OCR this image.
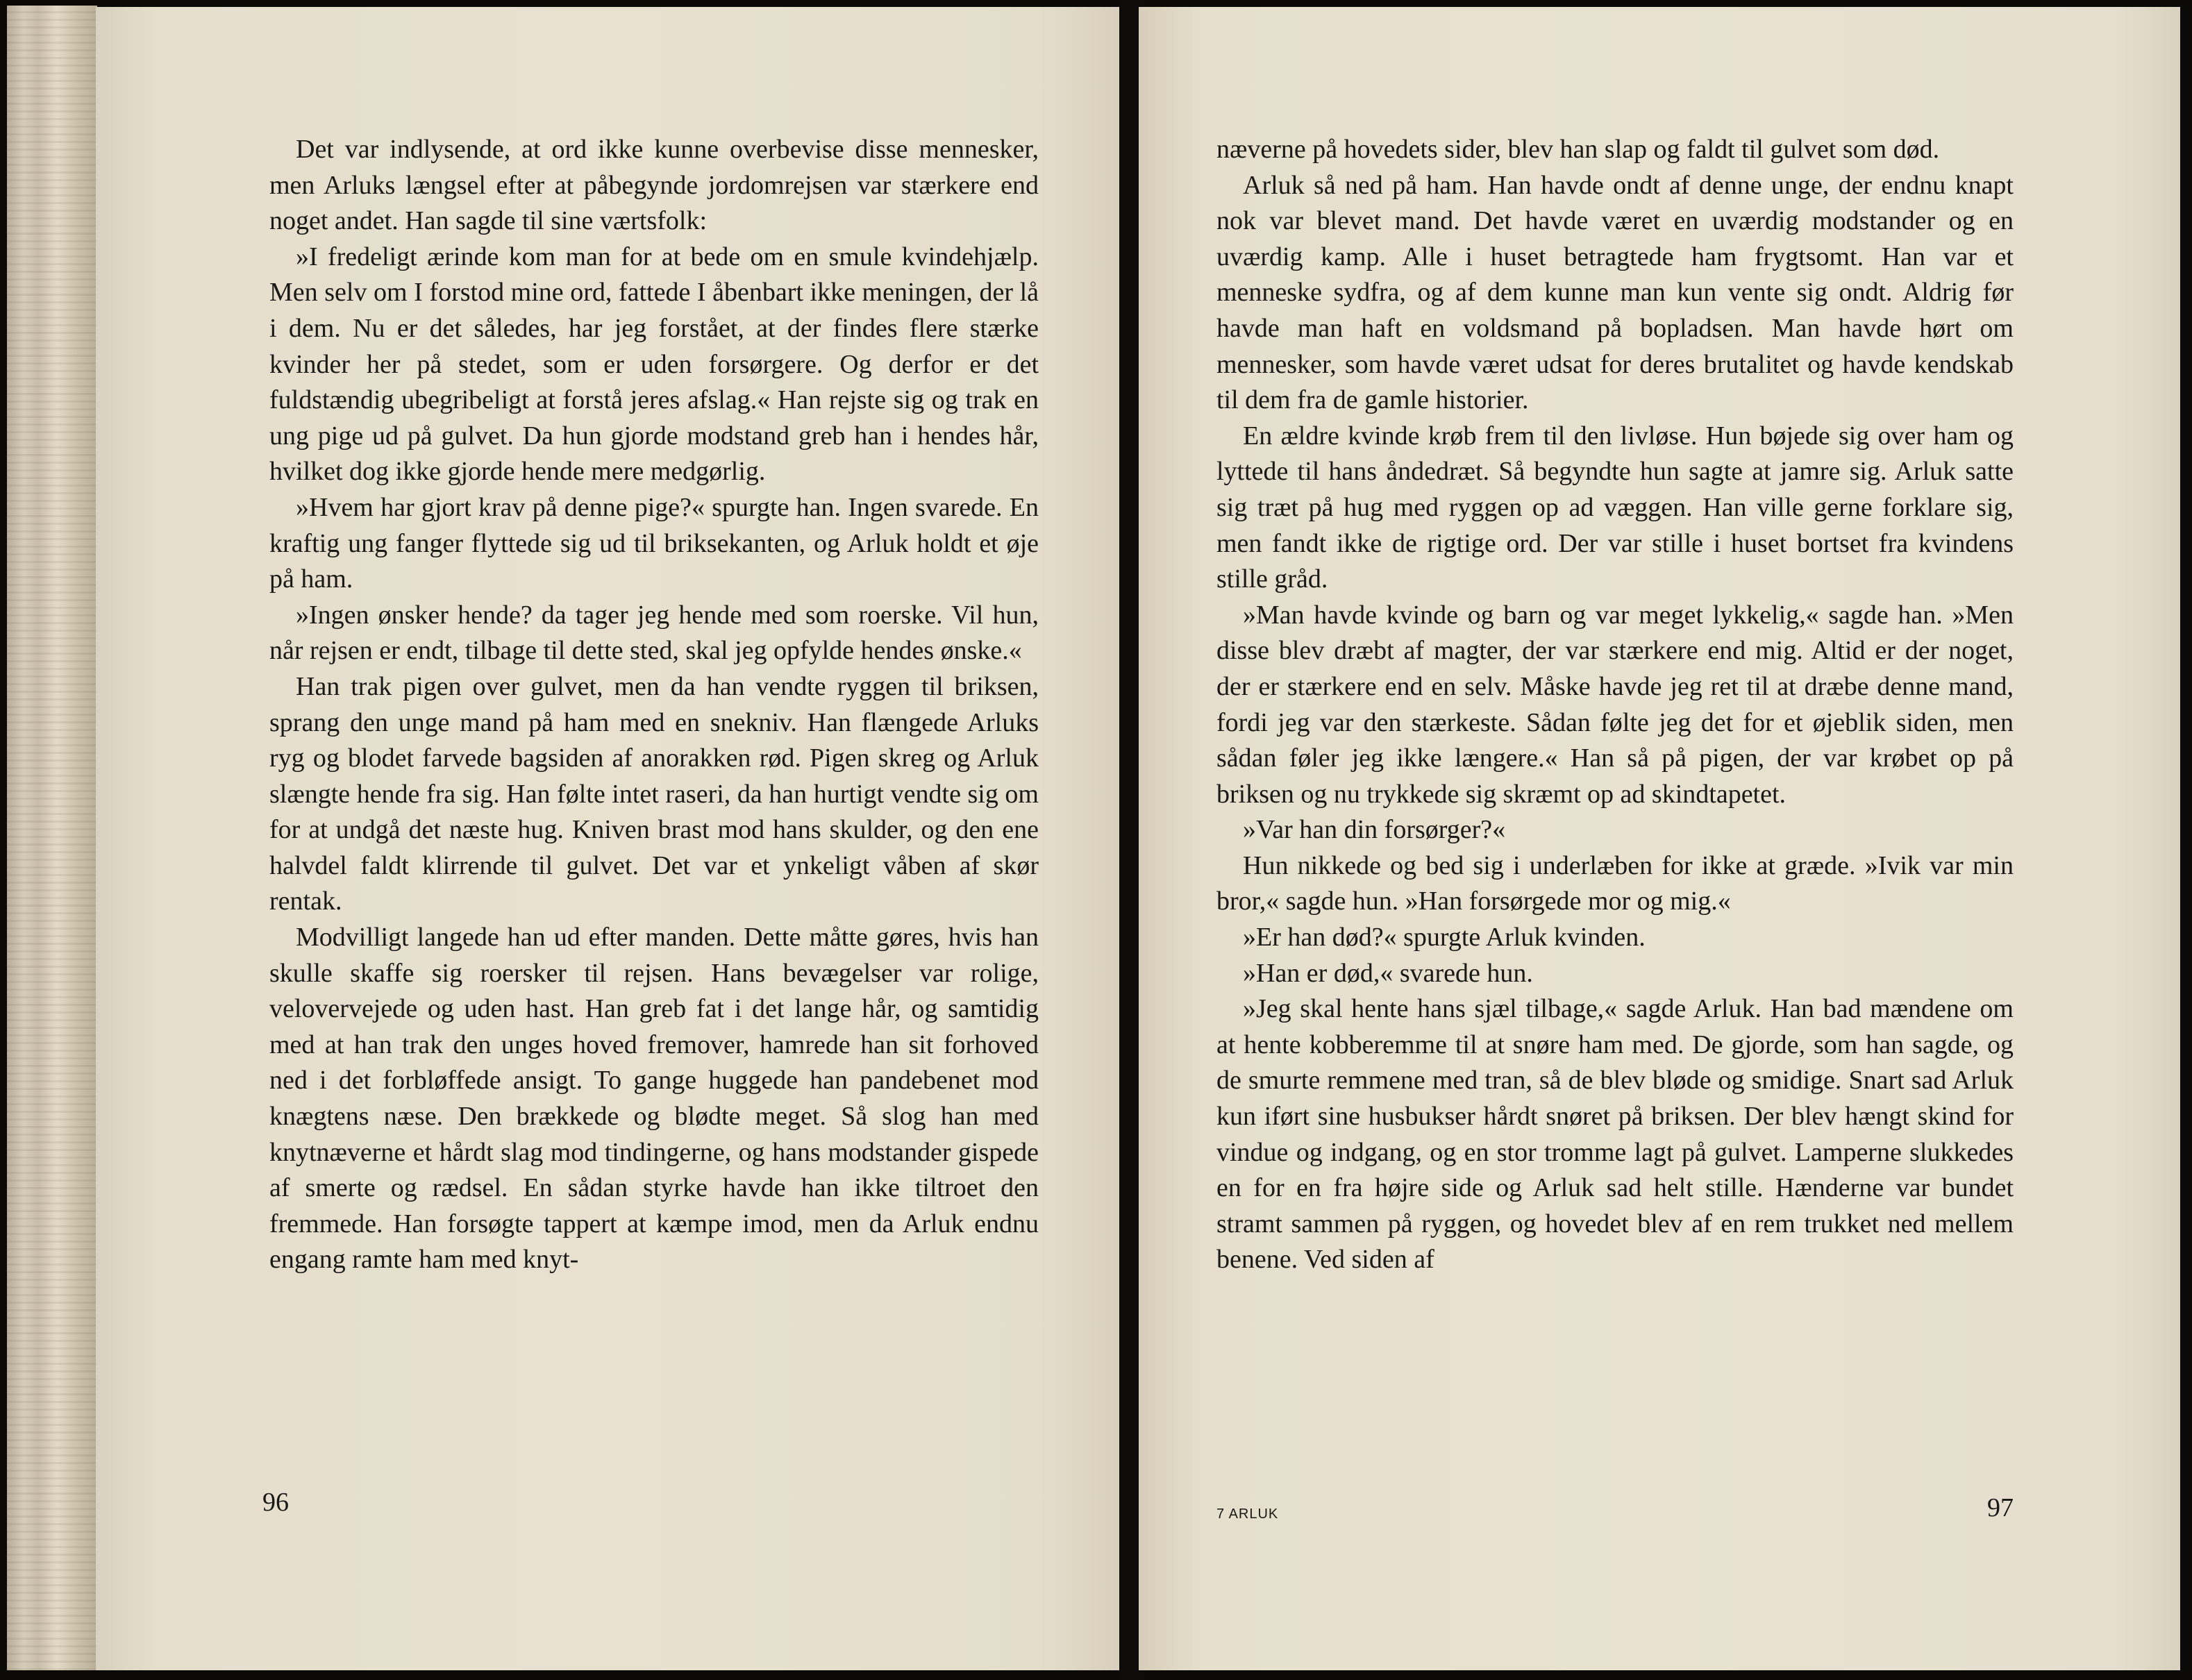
Det var indlysende, at ord ikke kunne overbevise disse mennesker, men Arluks længsel efter at påbegynde jordomrejsen var stærkere end noget andet. Han sagde til sine værtsfolk:

»I fredeligt ærinde kom man for at bede om en smule kvindehjælp. Men selv om I forstod mine ord, fattede I åbenbart ikke meningen, der lå i dem. Nu er det således, har jeg forstået, at der findes flere stærke kvinder her på stedet, som er uden forsørgere. Og derfor er det fuldstændig ubegribeligt at forstå jeres afslag.« Han rejste sig og trak en ung pige ud på gulvet. Da hun gjorde modstand greb han i hendes hår, hvilket dog ikke gjorde hende mere medgørlig.

»Hvem har gjort krav på denne pige?« spurgte han. Ingen svarede. En kraftig ung fanger flyttede sig ud til briksekanten, og Arluk holdt et øje på ham.

»Ingen ønsker hende? da tager jeg hende med som roerske. Vil hun, når rejsen er endt, tilbage til dette sted, skal jeg opfylde hendes ønske.«

Han trak pigen over gulvet, men da han vendte ryggen til briksen, sprang den unge mand på ham med en snekniv. Han flængede Arluks ryg og blodet farvede bagsiden af anorakken rød. Pigen skreg og Arluk slængte hende fra sig. Han følte intet raseri, da han hurtigt vendte sig om for at undgå det næste hug. Kniven brast mod hans skulder, og den ene halvdel faldt klirrende til gulvet. Det var et ynkeligt våben af skør rentak.

Modvilligt langede han ud efter manden. Dette måtte gøres, hvis han skulle skaffe sig roersker til rejsen. Hans bevægelser var rolige, velovervejede og uden hast. Han greb fat i det lange hår, og samtidig med at han trak den unges hoved fremover, hamrede han sit forhoved ned i det forbløffede ansigt. To gange huggede han pandebenet mod knægtens næse. Den brækkede og blødte meget. Så slog han med knytnæverne et hårdt slag mod tindingerne, og hans modstander gispede af smerte og rædsel. En sådan styrke havde han ikke tiltroet den fremmede. Han forsøgte tappert at kæmpe imod, men da Arluk endnu engang ramte ham med knyt-

96

næverne på hovedets sider, blev han slap og faldt til gulvet som død.

Arluk så ned på ham. Han havde ondt af denne unge, der endnu knapt nok var blevet mand. Det havde været en uværdig modstander og en uværdig kamp. Alle i huset betragtede ham frygtsomt. Han var et menneske sydfra, og af dem kunne man kun vente sig ondt. Aldrig før havde man haft en voldsmand på bopladsen. Man havde hørt om mennesker, som havde været udsat for deres brutalitet og havde kendskab til dem fra de gamle historier.

En ældre kvinde krøb frem til den livløse. Hun bøjede sig over ham og lyttede til hans åndedræt. Så begyndte hun sagte at jamre sig. Arluk satte sig træt på hug med ryggen op ad væggen. Han ville gerne forklare sig, men fandt ikke de rigtige ord. Der var stille i huset bortset fra kvindens stille gråd.

»Man havde kvinde og barn og var meget lykkelig,« sagde han. »Men disse blev dræbt af magter, der var stærkere end mig. Altid er der noget, der er stærkere end en selv. Måske havde jeg ret til at dræbe denne mand, fordi jeg var den stærkeste. Sådan følte jeg det for et øjeblik siden, men sådan føler jeg ikke længere.« Han så på pigen, der var krøbet op på briksen og nu trykkede sig skræmt op ad skindtapetet.

»Var han din forsørger?«

Hun nikkede og bed sig i underlæben for ikke at græde. »Ivik var min bror,« sagde hun. »Han forsørgede mor og mig.«

»Er han død?« spurgte Arluk kvinden.

»Han er død,« svarede hun.

»Jeg skal hente hans sjæl tilbage,« sagde Arluk. Han bad mændene om at hente kobberemme til at snøre ham med. De gjorde, som han sagde, og de smurte remmene med tran, så de blev bløde og smidige. Snart sad Arluk kun iført sine husbukser hårdt snøret på briksen. Der blev hængt skind for vindue og indgang, og en stor tromme lagt på gulvet. Lamperne slukkedes en for en fra højre side og Arluk sad helt stille. Hænderne var bundet stramt sammen på ryggen, og hovedet blev af en rem trukket ned mellem benene. Ved siden af

7 ARLUK	97
